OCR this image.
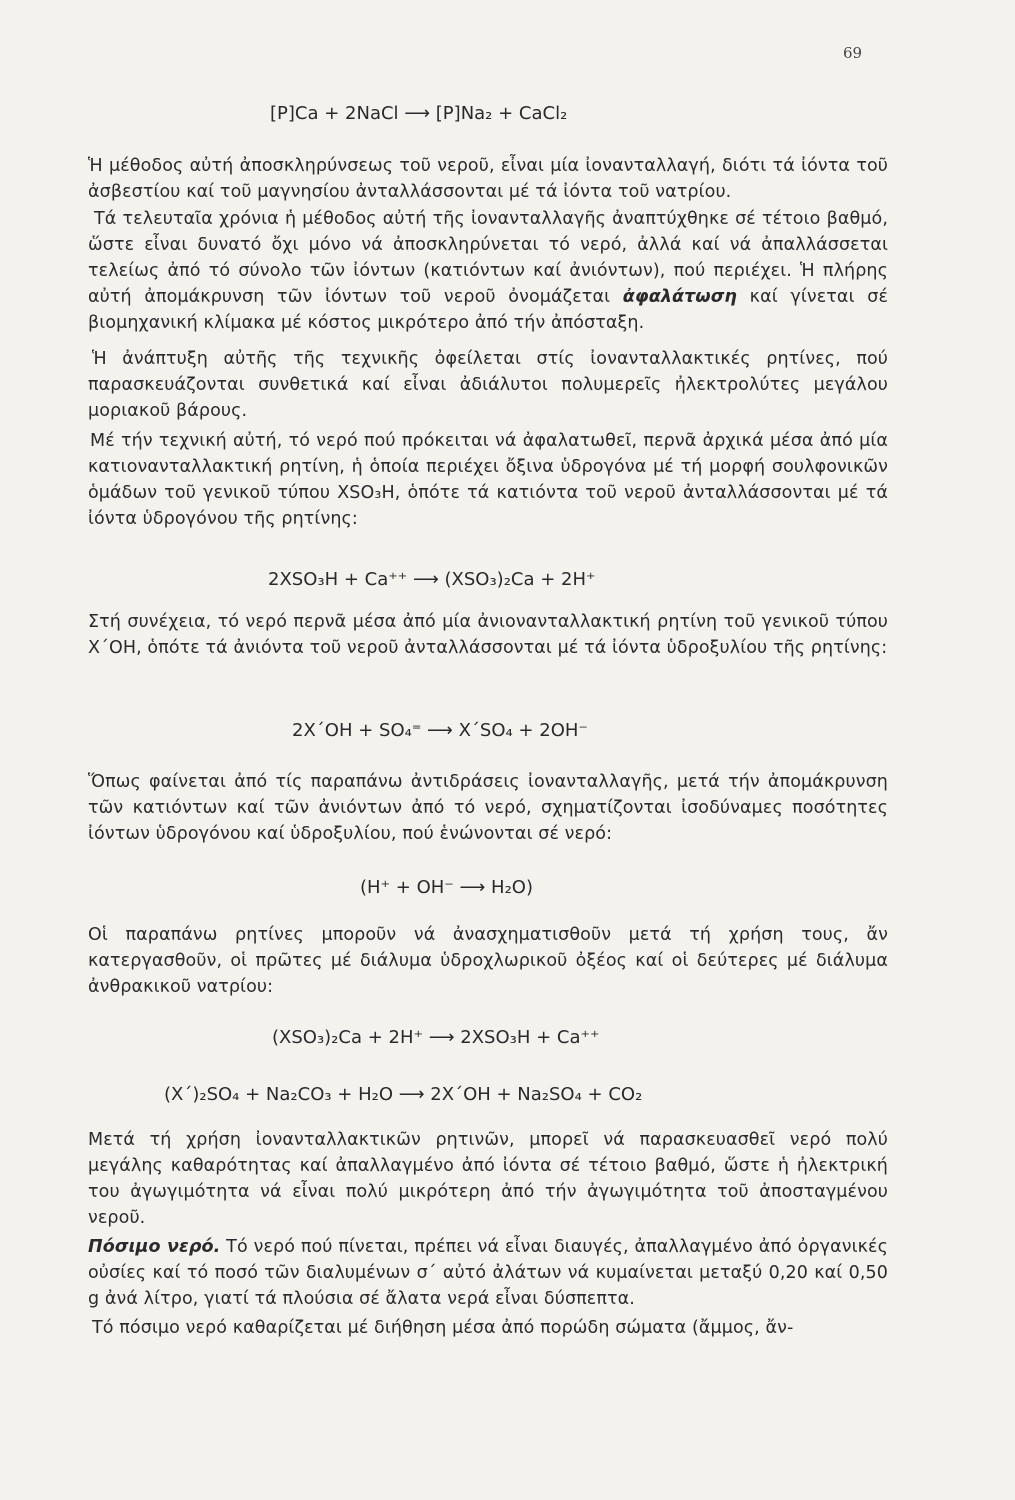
69
[P]Ca + 2NaCl ⟶ [P]Na₂ + CaCl₂
Ἡ μέθοδος αὐτή ἀποσκληρύνσεως τοῦ νεροῦ, εἶναι μία ἰονανταλλαγή, διότι τά ἰόντα τοῦ ἀσβεστίου καί τοῦ μαγνησίου ἀνταλλάσσονται μέ τά ἰόντα τοῦ νατρίου.
Τά τελευταῖα χρόνια ἡ μέθοδος αὐτή τῆς ἰονανταλλαγῆς ἀναπτύχθηκε σέ τέτοιο βαθμό, ὥστε εἶναι δυνατό ὄχι μόνο νά ἀποσκληρύνεται τό νερό, ἀλλά καί νά ἀπαλλάσσεται τελείως ἀπό τό σύνολο τῶν ἰόντων (κατιόντων καί ἀνιόντων), πού περιέχει. Ἡ πλήρης αὐτή ἀπομάκρυνση τῶν ἰόντων τοῦ νεροῦ ὀνομάζεται ἀφαλάτωση καί γίνεται σέ βιομηχανική κλίμακα μέ κόστος μικρότερο ἀπό τήν ἀπόσταξη.
Ἡ ἀνάπτυξη αὐτῆς τῆς τεχνικῆς ὀφείλεται στίς ἰονανταλλακτικές ρητίνες, πού παρασκευάζονται συνθετικά καί εἶναι ἀδιάλυτοι πολυμερεῖς ἠλεκτρολύτες μεγάλου μοριακοῦ βάρους.
Μέ τήν τεχνική αὐτή, τό νερό πού πρόκειται νά ἀφαλατωθεῖ, περνᾶ ἀρχικά μέσα ἀπό μία κατιονανταλλακτική ρητίνη, ἡ ὁποία περιέχει ὄξινα ὑδρογόνα μέ τή μορφή σουλφονικῶν ὁμάδων τοῦ γενικοῦ τύπου XSO₃H, ὁπότε τά κατιόντα τοῦ νεροῦ ἀνταλλάσσονται μέ τά ἰόντα ὑδρογόνου τῆς ρητίνης:
2XSO₃H + Ca⁺⁺ ⟶ (XSO₃)₂Ca + 2H⁺
Στή συνέχεια, τό νερό περνᾶ μέσα ἀπό μία ἀνιονανταλλακτική ρητίνη τοῦ γενικοῦ τύπου X΄OH, ὁπότε τά ἀνιόντα τοῦ νεροῦ ἀνταλλάσσονται μέ τά ἰόντα ὑδροξυλίου τῆς ρητίνης:
2X΄OH + SO₄⁼ ⟶ X΄SO₄ + 2OH⁻
Ὅπως φαίνεται ἀπό τίς παραπάνω ἀντιδράσεις ἰονανταλλαγῆς, μετά τήν ἀπομάκρυνση τῶν κατιόντων καί τῶν ἀνιόντων ἀπό τό νερό, σχηματίζονται ἰσοδύναμες ποσότητες ἰόντων ὑδρογόνου καί ὑδροξυλίου, πού ἑνώνονται σέ νερό:
(H⁺ + OH⁻ ⟶ H₂O)
Οἱ παραπάνω ρητίνες μποροῦν νά ἀνασχηματισθοῦν μετά τή χρήση τους, ἄν κατεργασθοῦν, οἱ πρῶτες μέ διάλυμα ὑδροχλωρικοῦ ὀξέος καί οἱ δεύτερες μέ διάλυμα ἀνθρακικοῦ νατρίου:
(XSO₃)₂Ca + 2H⁺ ⟶ 2XSO₃H + Ca⁺⁺
(X΄)₂SO₄ + Na₂CO₃ + H₂O ⟶ 2X΄OH + Na₂SO₄ + CO₂
Μετά τή χρήση ἰονανταλλακτικῶν ρητινῶν, μπορεῖ νά παρασκευασθεῖ νερό πολύ μεγάλης καθαρότητας καί ἀπαλλαγμένο ἀπό ἰόντα σέ τέτοιο βαθμό, ὥστε ἡ ἠλεκτρική του ἀγωγιμότητα νά εἶναι πολύ μικρότερη ἀπό τήν ἀγωγιμότητα τοῦ ἀποσταγμένου νεροῦ.
Πόσιμο νερό. Τό νερό πού πίνεται, πρέπει νά εἶναι διαυγές, ἀπαλλαγμένο ἀπό ὀργανικές οὐσίες καί τό ποσό τῶν διαλυμένων σ΄ αὐτό ἀλάτων νά κυμαίνεται μεταξύ 0,20 καί 0,50 g ἀνά λίτρο, γιατί τά πλούσια σέ ἄλατα νερά εἶναι δύσπεπτα.
Τό πόσιμο νερό καθαρίζεται μέ διήθηση μέσα ἀπό πορώδη σώματα (ἄμμος, ἄν-
